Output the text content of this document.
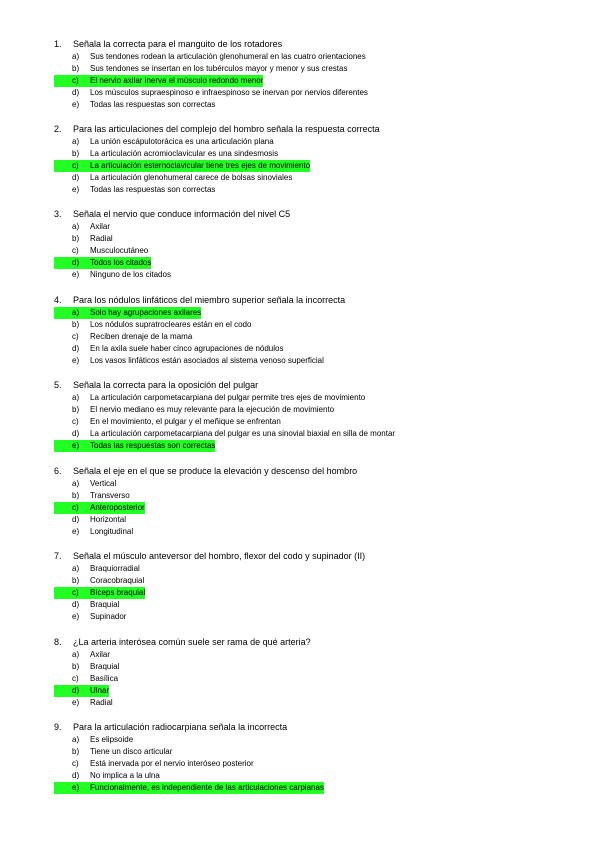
1.	Señala la correcta para el manguito de los rotadores
a)	Sus tendones rodean la articulación glenohumeral en las cuatro orientaciones
b)	Sus tendones se insertan en los tubérculos mayor y menor y sus crestas
c)	El nervio axilar inerva el músculo redondo menor
d)	Los músculos supraespinoso e infraespinoso se inervan por nervios diferentes
e)	Todas las respuestas son correctas
2.	Para las articulaciones del complejo del hombro señala la respuesta correcta
a)	La unión escápulotorácica es una articulación plana
b)	La articulación acromioclavicular es una sindesmosis
c)	La articulación esternoclavicular tiene tres ejes de movimiento
d)	La articulación glenohumeral carece de bolsas sinoviales
e)	Todas las respuestas son correctas
3.	Señala el nervio que conduce información del nivel C5
a)	Axilar
b)	Radial
c)	Musculocutáneo
d)	Todos los citados
e)	Ninguno de los citados
4.	Para los nódulos linfáticos del miembro superior señala la incorrecta
a)	Solo hay agrupaciones axilares
b)	Los nódulos supratrocleares están en el codo
c)	Reciben drenaje de la mama
d)	En la axila suele haber cinco agrupaciones de nódulos
e)	Los vasos linfáticos están asociados al sistema venoso superficial
5.	Señala la correcta para la oposición del pulgar
a)	La articulación carpometacarpiana del pulgar permite tres ejes de movimiento
b)	El nervio mediano es muy relevante para la ejecución de movimiento
c)	En el movimiento, el pulgar y el meñique se enfrentan
d)	La articulación carpometacarpiana del pulgar es una sinovial biaxial en silla de montar
e)	Todas las respuestas son correctas
6.	Señala el eje en el que se produce la elevación y descenso del hombro
a)	Vertical
b)	Transverso
c)	Anteroposterior
d)	Horizontal
e)	Longitudinal
7.	Señala el músculo anteversor del hombro, flexor del codo y supinador (II)
a)	Braquiorradial
b)	Coracobraquial
c)	Bíceps braquial
d)	Braquial
e)	Supinador
8.	¿La arteria interósea común suele ser rama de qué arteria?
a)	Axilar
b)	Braquial
c)	Basílica
d)	Ulnar
e)	Radial
9.	Para la articulación radiocarpiana señala la incorrecta
a)	Es elipsoide
b)	Tiene un disco articular
c)	Está inervada por el nervio interóseo posterior
d)	No implica a la ulna
e)	Funcionalmente, es independiente de las articulaciones carpianas
